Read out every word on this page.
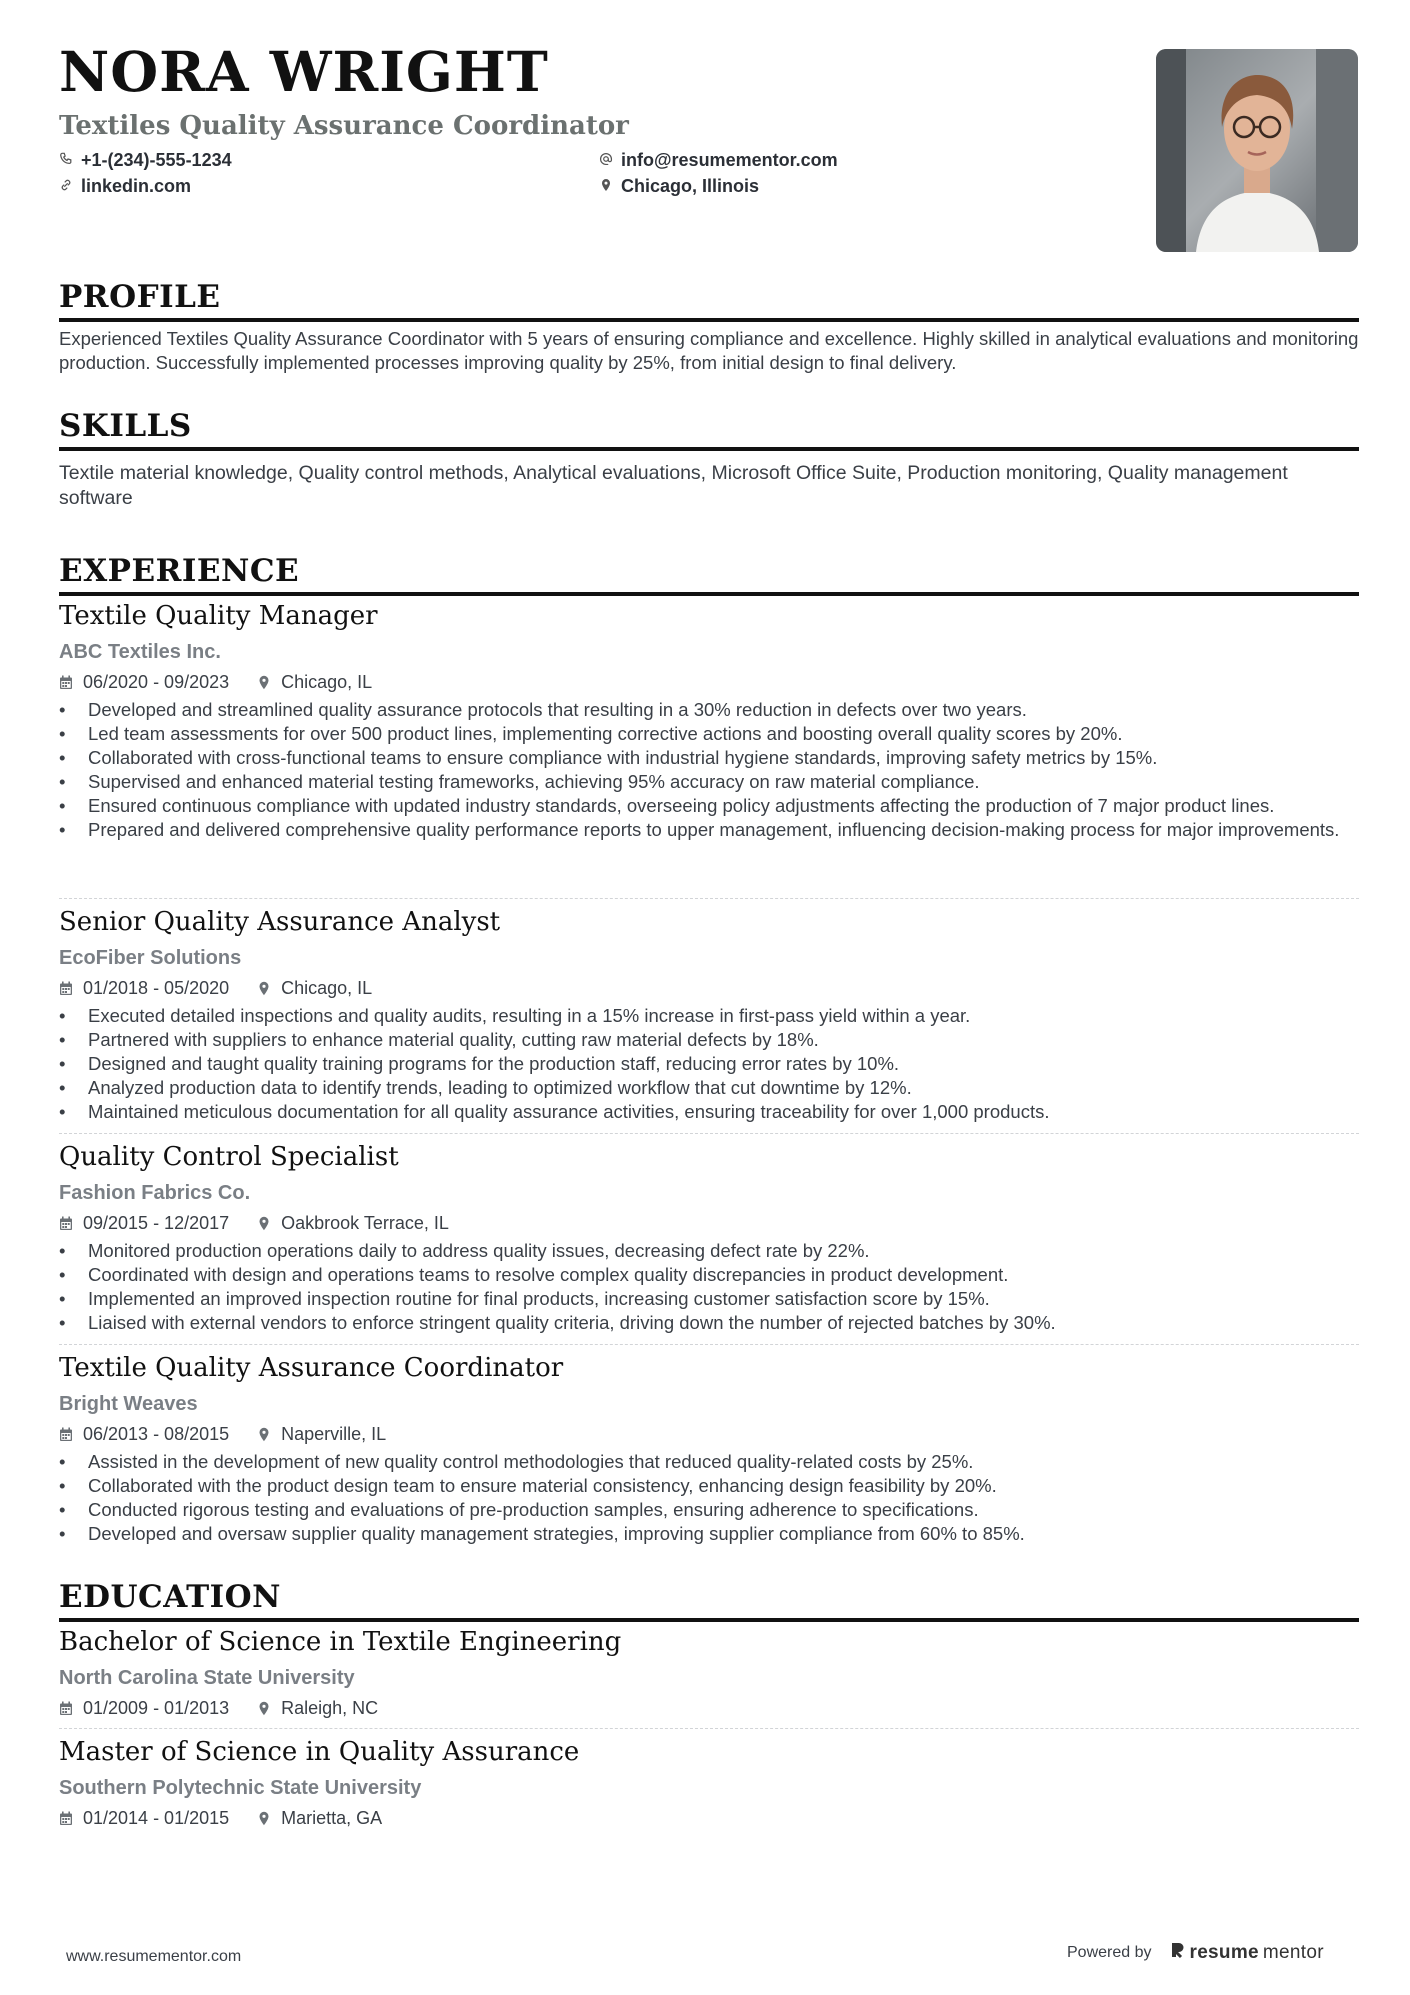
NORA WRIGHT
Textiles Quality Assurance Coordinator
+1-(234)-555-1234
linkedin.com
info@resumementor.com
Chicago, Illinois
PROFILE
Experienced Textiles Quality Assurance Coordinator with 5 years of ensuring compliance and excellence. Highly skilled in analytical evaluations and monitoring production. Successfully implemented processes improving quality by 25%, from initial design to final delivery.
SKILLS
Textile material knowledge, Quality control methods, Analytical evaluations, Microsoft Office Suite, Production monitoring, Quality management software
EXPERIENCE
Textile Quality Manager
ABC Textiles Inc.
06/2020 - 09/2023	Chicago, IL
• Developed and streamlined quality assurance protocols that resulting in a 30% reduction in defects over two years.
• Led team assessments for over 500 product lines, implementing corrective actions and boosting overall quality scores by 20%.
• Collaborated with cross-functional teams to ensure compliance with industrial hygiene standards, improving safety metrics by 15%.
• Supervised and enhanced material testing frameworks, achieving 95% accuracy on raw material compliance.
• Ensured continuous compliance with updated industry standards, overseeing policy adjustments affecting the production of 7 major product lines.
• Prepared and delivered comprehensive quality performance reports to upper management, influencing decision-making process for major improvements.
Senior Quality Assurance Analyst
EcoFiber Solutions
01/2018 - 05/2020	Chicago, IL
• Executed detailed inspections and quality audits, resulting in a 15% increase in first-pass yield within a year.
• Partnered with suppliers to enhance material quality, cutting raw material defects by 18%.
• Designed and taught quality training programs for the production staff, reducing error rates by 10%.
• Analyzed production data to identify trends, leading to optimized workflow that cut downtime by 12%.
• Maintained meticulous documentation for all quality assurance activities, ensuring traceability for over 1,000 products.
Quality Control Specialist
Fashion Fabrics Co.
09/2015 - 12/2017	Oakbrook Terrace, IL
• Monitored production operations daily to address quality issues, decreasing defect rate by 22%.
• Coordinated with design and operations teams to resolve complex quality discrepancies in product development.
• Implemented an improved inspection routine for final products, increasing customer satisfaction score by 15%.
• Liaised with external vendors to enforce stringent quality criteria, driving down the number of rejected batches by 30%.
Textile Quality Assurance Coordinator
Bright Weaves
06/2013 - 08/2015	Naperville, IL
• Assisted in the development of new quality control methodologies that reduced quality-related costs by 25%.
• Collaborated with the product design team to ensure material consistency, enhancing design feasibility by 20%.
• Conducted rigorous testing and evaluations of pre-production samples, ensuring adherence to specifications.
• Developed and oversaw supplier quality management strategies, improving supplier compliance from 60% to 85%.
EDUCATION
Bachelor of Science in Textile Engineering
North Carolina State University
01/2009 - 01/2013	Raleigh, NC
Master of Science in Quality Assurance
Southern Polytechnic State University
01/2014 - 01/2015	Marietta, GA
www.resumementor.com	Powered by resume mentor
